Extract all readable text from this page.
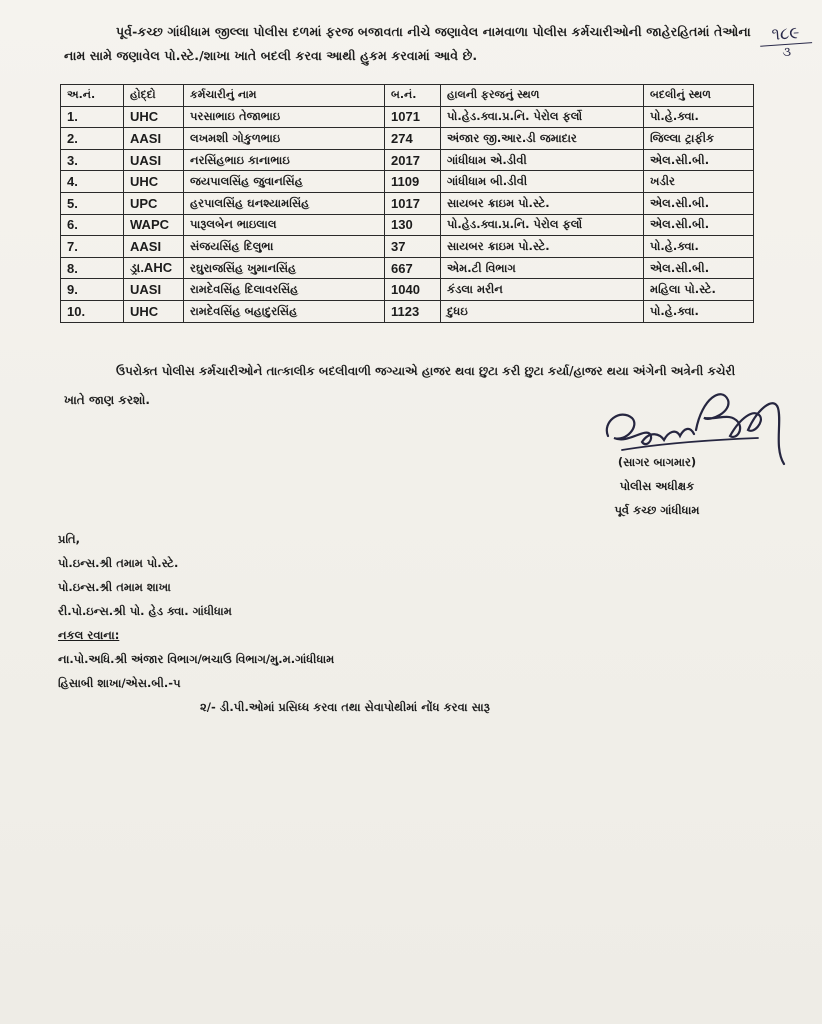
પૂર્વ-કચ્છ ગાંધીધામ જીલ્લા પોલીસ દળમાં ફરજ બજાવતા નીચે જણાવેલ નામવાળા પોલીસ કર્મચારીઓની જાહેરહિતમાં તેઓના નામ સામે જણાવેલ પો.સ્ટે./શાખા ખાતે બદલી કરવા આથી હુકમ કરવામાં આવે છે.
૧૮૯
૩
અ.નં.	હોદ્દો	કર્મચારીનું નામ	બ.નં.	હાલની ફરજનું સ્થળ	બદલીનું સ્થળ
1.	UHC	પરસાભાઇ તેજાભાઇ	1071	પો.હેડ.ક્વા.પ્ર.નિ. પેરોલ ફર્લો	પો.હે.ક્વા.
2.	AASI	લખમશી ગોકુળભાઇ	274	અંજાર જી.આર.ડી જમાદાર	જિલ્લા ટ્રાફીક
3.	UASI	નરસિંહભાઇ કાનાભાઇ	2017	ગાંધીધામ એ.ડીવી	એલ.સી.બી.
4.	UHC	જયપાલસિંહ જુવાનસિંહ	1109	ગાંધીધામ બી.ડીવી	ખડીર
5.	UPC	હરપાલસિંહ ઘનશ્યામસિંહ	1017	સાયબર ક્રાઇમ પો.સ્ટે.	એલ.સી.બી.
6.	WAPC	પારૂલબેન ભાઇલાલ	130	પો.હેડ.ક્વા.પ્ર.નિ. પેરોલ ફર્લો	એલ.સી.બી.
7.	AASI	સંજયસિંહ દિલુભા	37	સાયબર ક્રાઇમ પો.સ્ટે.	પો.હે.ક્વા.
8.	ડ્રા.AHC	રઘુરાજસિંહ ખુમાનસિંહ	667	એમ.ટી વિભાગ	એલ.સી.બી.
9.	UASI	રામદેવસિંહ દિલાવરસિંહ	1040	કંડલા મરીન	મહિલા પો.સ્ટે.
10.	UHC	રામદેવસિંહ બહાદુરસિંહ	1123	દુધઇ	પો.હે.ક્વા.
ઉપરોક્ત પોલીસ કર્મચારીઓને તાત્કાલીક બદલીવાળી જગ્યાએ હાજર થવા છુટા કરી છુટા કર્યા/હાજર થયા અંગેની અત્રેની કચેરી ખાતે જાણ કરશો.
(સાગર બાગમાર)
પોલીસ અધીક્ષક
પૂર્વ કચ્છ ગાંધીધામ
પ્રતિ,
પો.ઇન્સ.શ્રી તમામ પો.સ્ટે.
પો.ઇન્સ.શ્રી તમામ શાખા
રી.પો.ઇન્સ.શ્રી પો. હેડ ક્વા. ગાંધીધામ
નકલ રવાના:
ના.પો.અધિ.શ્રી અંજાર વિભાગ/ભચાઉ વિભાગ/મુ.મ.ગાંધીધામ
હિસાબી શાખા/એસ.બી.-પ
૨/- ડી.પી.ઓમાં પ્રસિધ્ધ કરવા તથા સેવાપોથીમાં નોંધ કરવા સારૂ
